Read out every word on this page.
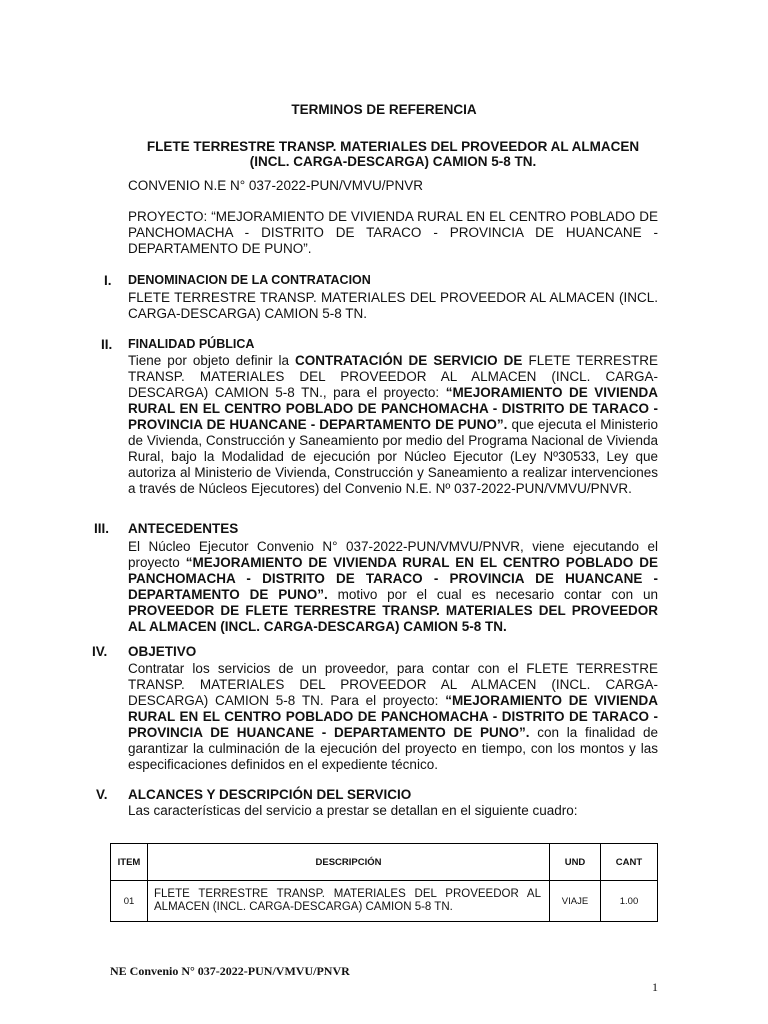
TERMINOS DE REFERENCIA
FLETE TERRESTRE TRANSP. MATERIALES DEL PROVEEDOR AL ALMACEN
(INCL. CARGA-DESCARGA) CAMION 5-8 TN.
CONVENIO N.E N° 037-2022-PUN/VMVU/PNVR
PROYECTO: “MEJORAMIENTO DE VIVIENDA RURAL EN EL CENTRO POBLADO DE PANCHOMACHA - DISTRITO DE TARACO - PROVINCIA DE HUANCANE - DEPARTAMENTO DE PUNO”.
I. DENOMINACION DE LA CONTRATACION
FLETE TERRESTRE TRANSP. MATERIALES DEL PROVEEDOR AL ALMACEN (INCL. CARGA-DESCARGA) CAMION 5-8 TN.
II. FINALIDAD PÚBLICA
Tiene por objeto definir la CONTRATACIÓN DE SERVICIO DE FLETE TERRESTRE TRANSP. MATERIALES DEL PROVEEDOR AL ALMACEN (INCL. CARGA-DESCARGA) CAMION 5-8 TN., para el proyecto: “MEJORAMIENTO DE VIVIENDA RURAL EN EL CENTRO POBLADO DE PANCHOMACHA - DISTRITO DE TARACO - PROVINCIA DE HUANCANE - DEPARTAMENTO DE PUNO”. que ejecuta el Ministerio de Vivienda, Construcción y Saneamiento por medio del Programa Nacional de Vivienda Rural, bajo la Modalidad de ejecución por Núcleo Ejecutor (Ley Nº30533, Ley que autoriza al Ministerio de Vivienda, Construcción y Saneamiento a realizar intervenciones a través de Núcleos Ejecutores) del Convenio N.E. Nº 037-2022-PUN/VMVU/PNVR.
III. ANTECEDENTES
El Núcleo Ejecutor Convenio N° 037-2022-PUN/VMVU/PNVR, viene ejecutando el proyecto “MEJORAMIENTO DE VIVIENDA RURAL EN EL CENTRO POBLADO DE PANCHOMACHA - DISTRITO DE TARACO - PROVINCIA DE HUANCANE - DEPARTAMENTO DE PUNO”. motivo por el cual es necesario contar con un PROVEEDOR DE FLETE TERRESTRE TRANSP. MATERIALES DEL PROVEEDOR AL ALMACEN (INCL. CARGA-DESCARGA) CAMION 5-8 TN.
IV. OBJETIVO
Contratar los servicios de un proveedor, para contar con el FLETE TERRESTRE TRANSP. MATERIALES DEL PROVEEDOR AL ALMACEN (INCL. CARGA-DESCARGA) CAMION 5-8 TN. Para el proyecto: “MEJORAMIENTO DE VIVIENDA RURAL EN EL CENTRO POBLADO DE PANCHOMACHA - DISTRITO DE TARACO - PROVINCIA DE HUANCANE - DEPARTAMENTO DE PUNO”. con la finalidad de garantizar la culminación de la ejecución del proyecto en tiempo, con los montos y las especificaciones definidos en el expediente técnico.
V. ALCANCES Y DESCRIPCIÓN DEL SERVICIO
Las características del servicio a prestar se detallan en el siguiente cuadro:
ITEM	DESCRIPCIÓN	UND	CANT
01	FLETE TERRESTRE TRANSP. MATERIALES DEL PROVEEDOR AL ALMACEN (INCL. CARGA-DESCARGA) CAMION 5-8 TN.	VIAJE	1.00
NE Convenio N° 037-2022-PUN/VMVU/PNVR
1
